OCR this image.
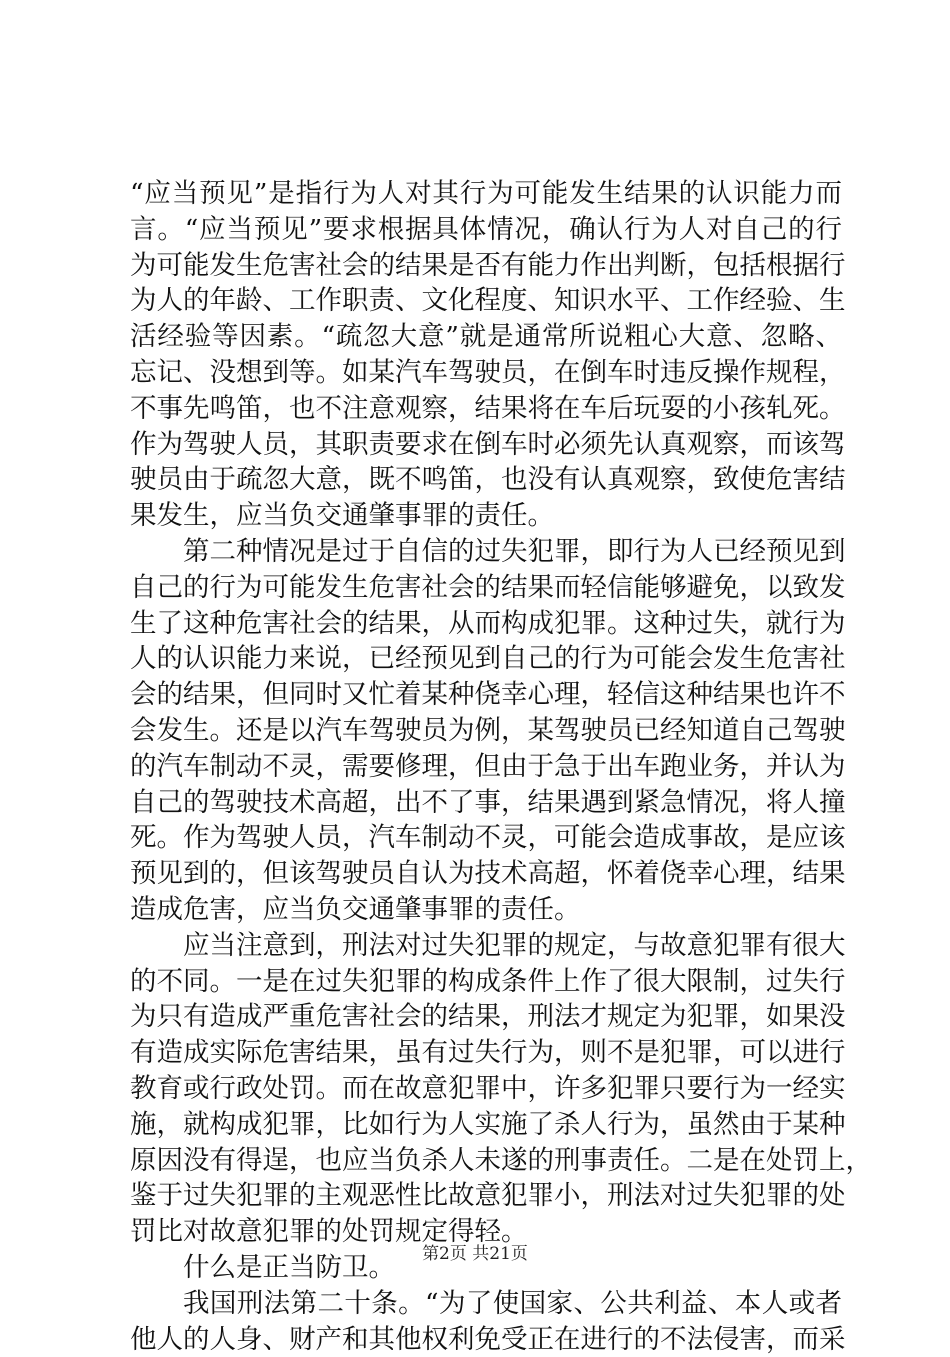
“应当预见”是指行为人对其行为可能发生结果的认识能力而
言。“应当预见”要求根据具体情况，确认行为人对自己的行
为可能发生危害社会的结果是否有能力作出判断，包括根据行
为人的年龄、工作职责、文化程度、知识水平、工作经验、生
活经验等因素。“疏忽大意”就是通常所说粗心大意、忽略、
忘记、没想到等。如某汽车驾驶员，在倒车时违反操作规程，
不事先鸣笛，也不注意观察，结果将在车后玩耍的小孩轧死。
作为驾驶人员，其职责要求在倒车时必须先认真观察，而该驾
驶员由于疏忽大意，既不鸣笛，也没有认真观察，致使危害结
果发生，应当负交通肇事罪的责任。
第二种情况是过于自信的过失犯罪，即行为人已经预见到
自己的行为可能发生危害社会的结果而轻信能够避免，以致发
生了这种危害社会的结果，从而构成犯罪。这种过失，就行为
人的认识能力来说，已经预见到自己的行为可能会发生危害社
会的结果，但同时又忙着某种侥幸心理，轻信这种结果也许不
会发生。还是以汽车驾驶员为例，某驾驶员已经知道自己驾驶
的汽车制动不灵，需要修理，但由于急于出车跑业务，并认为
自己的驾驶技术高超，出不了事，结果遇到紧急情况，将人撞
死。作为驾驶人员，汽车制动不灵，可能会造成事故，是应该
预见到的，但该驾驶员自认为技术高超，怀着侥幸心理，结果
造成危害，应当负交通肇事罪的责任。
应当注意到，刑法对过失犯罪的规定，与故意犯罪有很大
的不同。一是在过失犯罪的构成条件上作了很大限制，过失行
为只有造成严重危害社会的结果，刑法才规定为犯罪，如果没
有造成实际危害结果，虽有过失行为，则不是犯罪，可以进行
教育或行政处罚。而在故意犯罪中，许多犯罪只要行为一经实
施，就构成犯罪，比如行为人实施了杀人行为，虽然由于某种
原因没有得逞，也应当负杀人未遂的刑事责任。二是在处罚上，
鉴于过失犯罪的主观恶性比故意犯罪小，刑法对过失犯罪的处
罚比对故意犯罪的处罚规定得轻。
什么是正当防卫。
我国刑法第二十条。“为了使国家、公共利益、本人或者
他人的人身、财产和其他权利免受正在进行的不法侵害，而采
第2页 共21页
